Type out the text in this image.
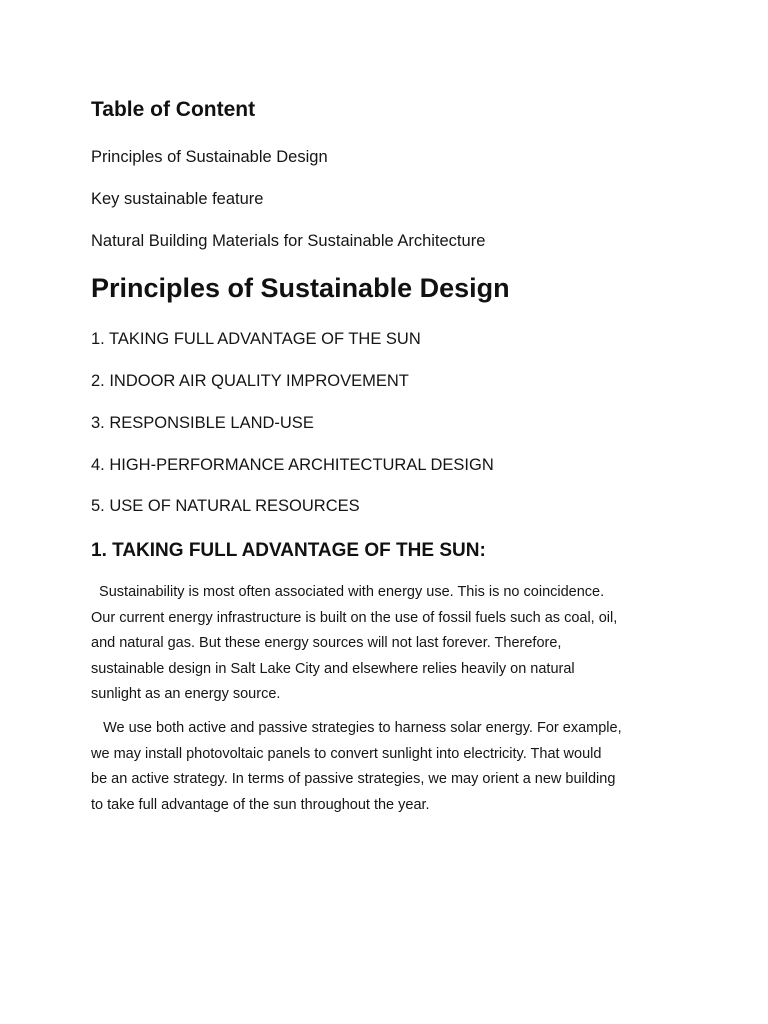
Table of Content

Principles of Sustainable Design

Key sustainable feature

Natural Building Materials for Sustainable Architecture

Principles of Sustainable Design

1. TAKING FULL ADVANTAGE OF THE SUN

2. INDOOR AIR QUALITY IMPROVEMENT

3. RESPONSIBLE LAND-USE

4. HIGH-PERFORMANCE ARCHITECTURAL DESIGN

5. USE OF NATURAL RESOURCES

1. TAKING FULL ADVANTAGE OF THE SUN:
Sustainability is most often associated with energy use. This is no coincidence.
Our current energy infrastructure is built on the use of fossil fuels such as coal, oil,
and natural gas. But these energy sources will not last forever. Therefore,
sustainable design in Salt Lake City and elsewhere relies heavily on natural
sunlight as an energy source.
We use both active and passive strategies to harness solar energy. For example,
we may install photovoltaic panels to convert sunlight into electricity. That would
be an active strategy. In terms of passive strategies, we may orient a new building
to take full advantage of the sun throughout the year.
